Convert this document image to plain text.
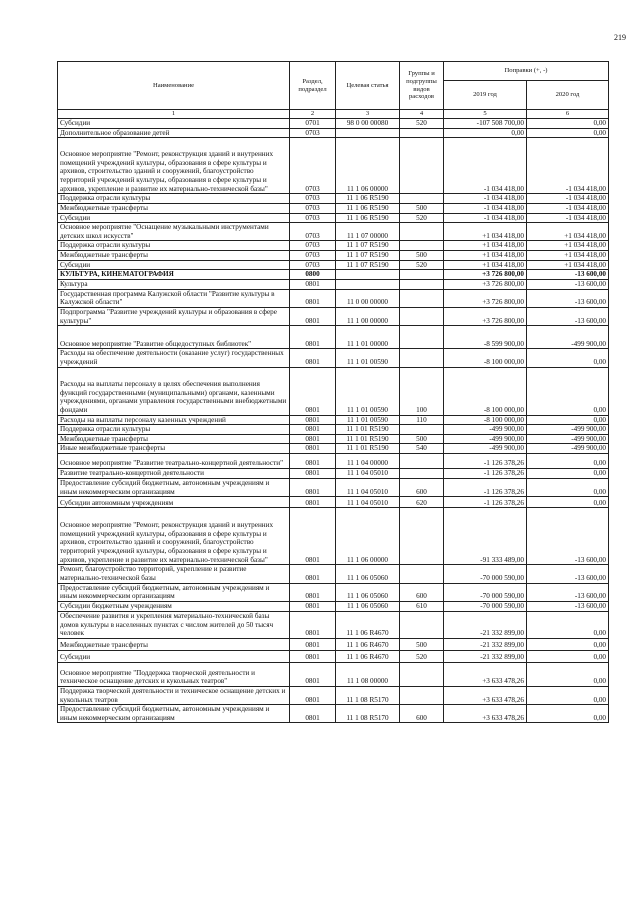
219
Наименование	Раздел, подраздел	Целевая статья	Группы и подгруппы видов расходов	Поправки (+, -)	
				2019 год	2020 год
1	2	3	4	5	6
Субсидии	0701	98 0 00 00080	520	-107 508 700,00	0,00
Дополнительное образование детей	0703			0,00	0,00
Основное мероприятие "Ремонт, реконструкция зданий и внутренних помещений учреждений культуры, образования в сфере культуры и архивов, строительство зданий и сооружений, благоустройство территорий учреждений культуры, образования в сфере культуры и архивов, укрепление и развитие их материально-технической базы"	0703	11 1 06 00000		-1 034 418,00	-1 034 418,00
Поддержка отрасли культуры	0703	11 1 06 R5190		-1 034 418,00	-1 034 418,00
Межбюджетные трансферты	0703	11 1 06 R5190	500	-1 034 418,00	-1 034 418,00
Субсидии	0703	11 1 06 R5190	520	-1 034 418,00	-1 034 418,00
Основное мероприятие "Оснащение музыкальными инструментами детских школ искусств"	0703	11 1 07 00000		+1 034 418,00	+1 034 418,00
Поддержка отрасли культуры	0703	11 1 07 R5190		+1 034 418,00	+1 034 418,00
Межбюджетные трансферты	0703	11 1 07 R5190	500	+1 034 418,00	+1 034 418,00
Субсидии	0703	11 1 07 R5190	520	+1 034 418,00	+1 034 418,00
КУЛЬТУРА, КИНЕМАТОГРАФИЯ	0800			+3 726 800,00	-13 600,00
Культура	0801			+3 726 800,00	-13 600,00
Государственная программа Калужской области "Развитие культуры в Калужской области"	0801	11 0 00 00000		+3 726 800,00	-13 600,00
Подпрограмма "Развитие учреждений культуры и образования в сфере культуры"	0801	11 1 00 00000		+3 726 800,00	-13 600,00
Основное мероприятие "Развитие общедоступных библиотек"	0801	11 1 01 00000		-8 599 900,00	-499 900,00
Расходы на обеспечение деятельности (оказание услуг) государственных учреждений	0801	11 1 01 00590		-8 100 000,00	0,00
Расходы на выплаты персоналу в целях обеспечения выполнения функций государственными (муниципальными) органами, казенными учреждениями, органами управления государственными внебюджетными фондами	0801	11 1 01 00590	100	-8 100 000,00	0,00
Расходы на выплаты персоналу казенных учреждений	0801	11 1 01 00590	110	-8 100 000,00	0,00
Поддержка отрасли культуры	0801	11 1 01 R5190		-499 900,00	-499 900,00
Межбюджетные трансферты	0801	11 1 01 R5190	500	-499 900,00	-499 900,00
Иные межбюджетные трансферты	0801	11 1 01 R5190	540	-499 900,00	-499 900,00
Основное мероприятие "Развитие театрально-концертной деятельности"	0801	11 1 04 00000		-1 126 378,26	0,00
Развитие театрально-концертной деятельности	0801	11 1 04 05010		-1 126 378,26	0,00
Предоставление субсидий бюджетным, автономным учреждениям и иным некоммерческим организациям	0801	11 1 04 05010	600	-1 126 378,26	0,00
Субсидии автономным учреждениям	0801	11 1 04 05010	620	-1 126 378,26	0,00
Основное мероприятие "Ремонт, реконструкция зданий и внутренних помещений учреждений культуры, образования в сфере культуры и архивов, строительство зданий и сооружений, благоустройство территорий учреждений культуры, образования в сфере культуры и архивов, укрепление и развитие их материально-технической базы"	0801	11 1 06 00000		-91 333 489,00	-13 600,00
Ремонт, благоустройство территорий, укрепление и развитие материально-технической базы	0801	11 1 06 05060		-70 000 590,00	-13 600,00
Предоставление субсидий бюджетным, автономным учреждениям и иным некоммерческим организациям	0801	11 1 06 05060	600	-70 000 590,00	-13 600,00
Субсидии бюджетным учреждениям	0801	11 1 06 05060	610	-70 000 590,00	-13 600,00
Обеспечение развития и укрепления материально-технической базы домов культуры в населенных пунктах с числом жителей до 50 тысяч человек	0801	11 1 06 R4670		-21 332 899,00	0,00
Межбюджетные трансферты	0801	11 1 06 R4670	500	-21 332 899,00	0,00
Субсидии	0801	11 1 06 R4670	520	-21 332 899,00	0,00
Основное мероприятие "Поддержка творческой деятельности и техническое оснащение детских и кукольных театров"	0801	11 1 08 00000		+3 633 478,26	0,00
Поддержка творческой деятельности и техническое оснащение детских и кукольных театров	0801	11 1 08 R5170		+3 633 478,26	0,00
Предоставление субсидий бюджетным, автономным учреждениям и иным некоммерческим организациям	0801	11 1 08 R5170	600	+3 633 478,26	0,00
